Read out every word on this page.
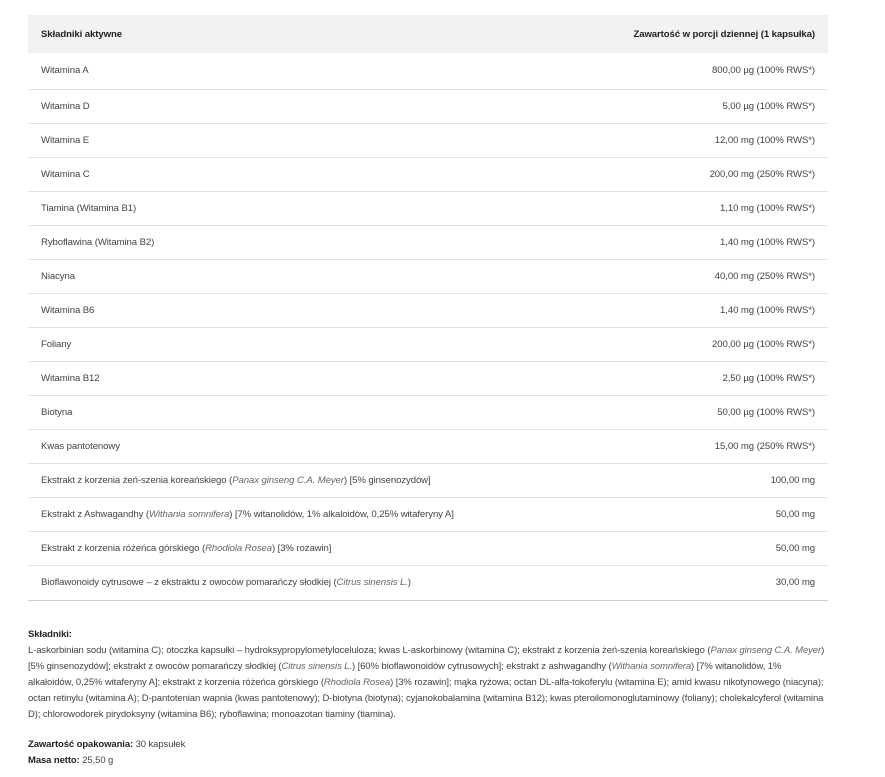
Składniki aktywne	Zawartość w porcji dziennej (1 kapsułka)
Witamina A	800,00 µg (100% RWS*)
Witamina D	5,00 µg (100% RWS*)
Witamina E	12,00 mg (100% RWS*)
Witamina C	200,00 mg (250% RWS*)
Tiamina (Witamina B1)	1,10 mg (100% RWS*)
Ryboflawina (Witamina B2)	1,40 mg (100% RWS*)
Niacyna	40,00 mg (250% RWS*)
Witamina B6	1,40 mg (100% RWS*)
Foliany	200,00 µg (100% RWS*)
Witamina B12	2,50 µg (100% RWS*)
Biotyna	50,00 µg (100% RWS*)
Kwas pantotenowy	15,00 mg (250% RWS*)
Ekstrakt z korzenia żeń-szenia koreańskiego (Panax ginseng C.A. Meyer) [5% ginsenozydów]	100,00 mg
Ekstrakt z Ashwagandhy (Withania somnifera) [7% witanolidów, 1% alkaloidów, 0,25% witaferyny A]	50,00 mg
Ekstrakt z korzenia różeńca górskiego (Rhodiola Rosea) [3% rozawin]	50,00 mg
Bioflawonoidy cytrusowe – z ekstraktu z owoców pomarańczy słodkiej (Citrus sinensis L.)	30,00 mg
Składniki:
L-askorbinian sodu (witamina C); otoczka kapsułki – hydroksypropylometyloceluloza; kwas L-askorbinowy (witamina C); ekstrakt z korzenia żeń-szenia koreańskiego (Panax ginseng C.A. Meyer) [5% ginsenozydów]; ekstrakt z owoców pomarańczy słodkiej (Citrus sinensis L.) [60% bioflawonoidów cytrusowych]; ekstrakt z ashwagandhy (Withania somnifera) [7% witanolidów, 1% alkaloidów, 0,25% witaferyny A]; ekstrakt z korzenia różeńca górskiego (Rhodiola Rosea) [3% rozawin]; mąka ryżowa; octan DL-alfa-tokoferylu (witamina E); amid kwasu nikotynowego (niacyna); octan retinylu (witamina A); D-pantotenian wapnia (kwas pantotenowy); D-biotyna (biotyna); cyjanokobalamina (witamina B12); kwas pteroilomonoglutaminowy (foliany); cholekalcyferol (witamina D); chlorowodorek pirydoksyny (witamina B6); ryboflawina; monoazotan tiaminy (tiamina).
Zawartość opakowania: 30 kapsułek
Masa netto: 25,50 g
